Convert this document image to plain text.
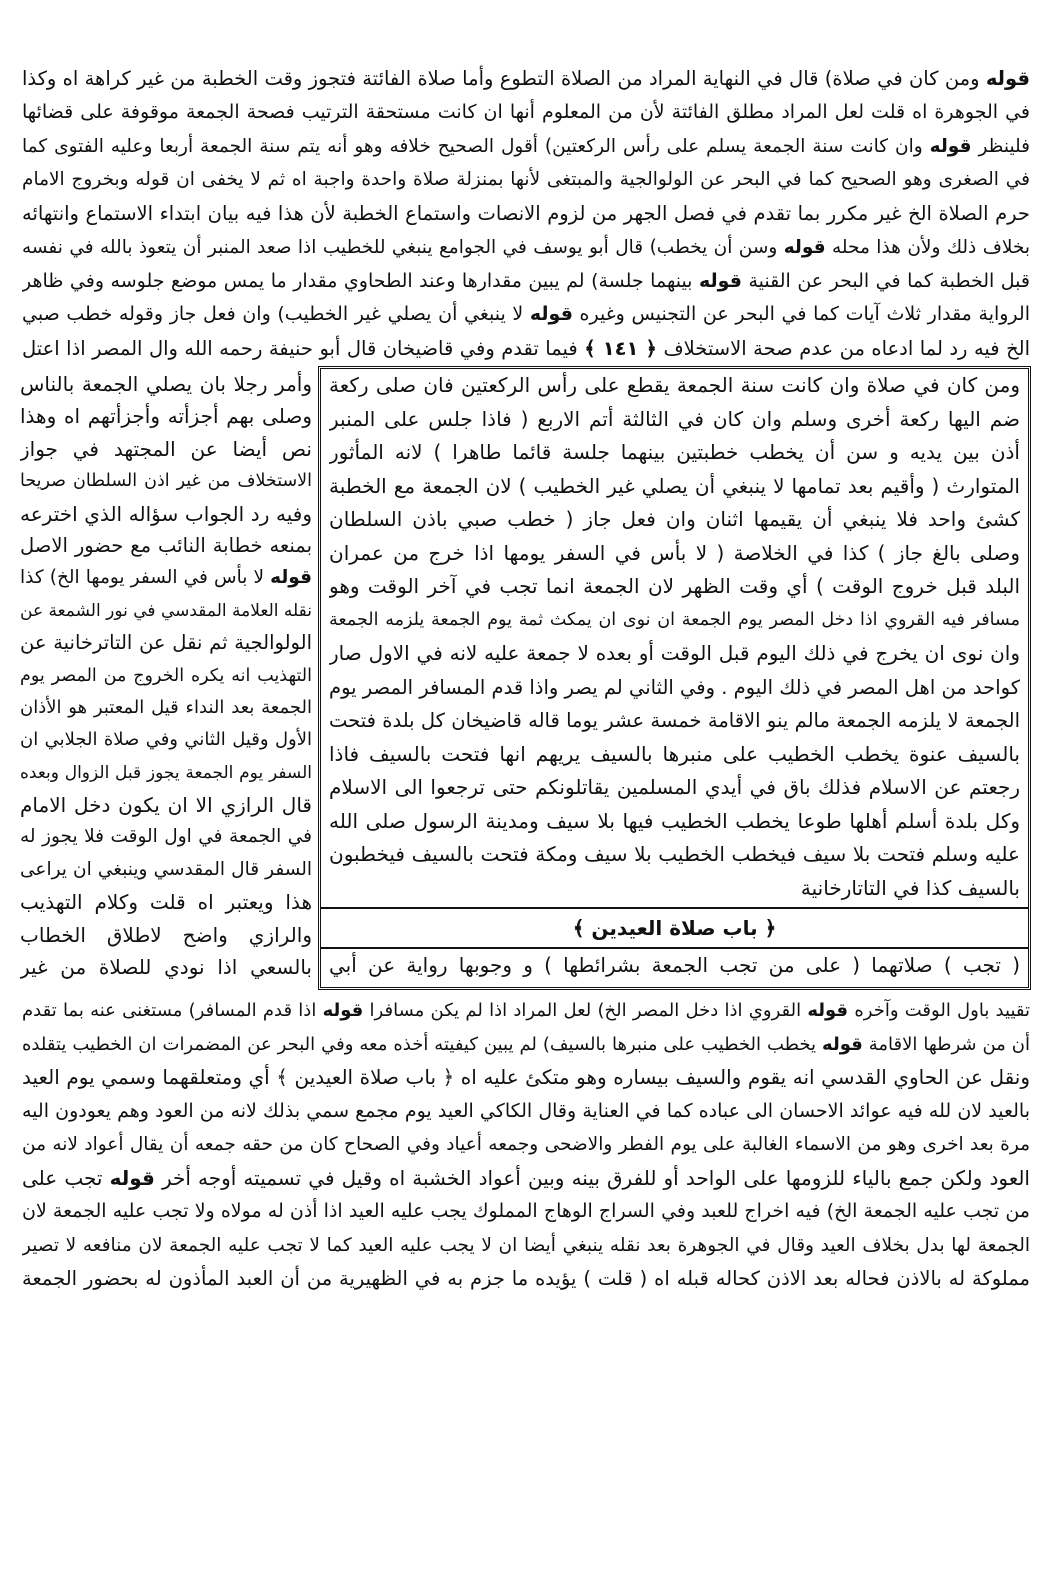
قوله ومن كان في صلاة) قال في النهاية المراد من الصلاة التطوع وأما صلاة الفائتة فتجوز وقت الخطبة من غير كراهة اه وكذا
في الجوهرة اه قلت لعل المراد مطلق الفائتة لأن من المعلوم أنها ان كانت مستحقة الترتيب فصحة الجمعة موقوفة على قضائها
فلينظر قوله وان كانت سنة الجمعة يسلم على رأس الركعتين) أقول الصحيح خلافه وهو أنه يتم سنة الجمعة أربعا وعليه الفتوى كما
في الصغرى وهو الصحيح كما في البحر عن الولوالجية والمبتغى لأنها بمنزلة صلاة واحدة واجبة اه ثم لا يخفى ان قوله وبخروج الامام
حرم الصلاة الخ غير مكرر بما تقدم في فصل الجهر من لزوم الانصات واستماع الخطبة لأن هذا فيه بيان ابتداء الاستماع وانتهائه
بخلاف ذلك ولأن هذا محله قوله وسن أن يخطب) قال أبو يوسف في الجوامع ينبغي للخطيب اذا صعد المنبر أن يتعوذ بالله في نفسه
قبل الخطبة كما في البحر عن القنية قوله بينهما جلسة) لم يبين مقدارها وعند الطحاوي مقدار ما يمس موضع جلوسه وفي ظاهر
الرواية مقدار ثلاث آيات كما في البحر عن التجنيس وغيره قوله لا ينبغي أن يصلي غير الخطيب) وان فعل جاز وقوله خطب صبي
الخ فيه رد لما ادعاه من عدم صحة الاستخلاف ﴿ ١٤١ ﴾ فيما تقدم وفي قاضيخان قال أبو حنيفة رحمه الله وال المصر اذا اعتل
ومن كان في صلاة وان كانت سنة الجمعة يقطع على رأس الركعتين فان صلى ركعة
ضم اليها ركعة أخرى وسلم وان كان في الثالثة أتم الاربع ( فاذا جلس على المنبر
أذن بين يديه و سن أن يخطب خطبتين بينهما جلسة قائما طاهرا ) لانه المأثور
المتوارث ( وأقيم بعد تمامها لا ينبغي أن يصلي غير الخطيب ) لان الجمعة مع الخطبة
كشئ واحد فلا ينبغي أن يقيمها اثنان وان فعل جاز ( خطب صبي باذن السلطان
وصلى بالغ جاز ) كذا في الخلاصة ( لا بأس في السفر يومها اذا خرج من عمران
البلد قبل خروج الوقت ) أي وقت الظهر لان الجمعة انما تجب في آخر الوقت وهو
مسافر فيه القروي اذا دخل المصر يوم الجمعة ان نوى ان يمكث ثمة يوم الجمعة يلزمه الجمعة
وان نوى ان يخرج في ذلك اليوم قبل الوقت أو بعده لا جمعة عليه لانه في الاول صار
كواحد من اهل المصر في ذلك اليوم . وفي الثاني لم يصر واذا قدم المسافر المصر يوم
الجمعة لا يلزمه الجمعة مالم ينو الاقامة خمسة عشر يوما قاله قاضيخان كل بلدة فتحت
بالسيف عنوة يخطب الخطيب على منبرها بالسيف يريهم انها فتحت بالسيف فاذا
رجعتم عن الاسلام فذلك باق في أيدي المسلمين يقاتلونكم حتى ترجعوا الى الاسلام
وكل بلدة أسلم أهلها طوعا يخطب الخطيب فيها بلا سيف ومدينة الرسول صلى الله
عليه وسلم فتحت بلا سيف فيخطب الخطيب بلا سيف ومكة فتحت بالسيف فيخطبون
بالسيف كذا في التاتارخانية
﴿ باب صلاة العيدين ﴾
( تجب ) صلاتهما ( على من تجب الجمعة بشرائطها ) و وجوبها رواية عن أبي
وأمر رجلا بان يصلي الجمعة بالناس
وصلى بهم أجزأته وأجزأتهم اه وهذا
نص أيضا عن المجتهد في جواز
الاستخلاف من غير اذن السلطان صريحا
وفيه رد الجواب سؤاله الذي اخترعه
بمنعه خطابة النائب مع حضور الاصل
قوله لا بأس في السفر يومها الخ) كذا
نقله العلامة المقدسي في نور الشمعة عن
الولوالجية ثم نقل عن التاترخانية عن
التهذيب انه يكره الخروج من المصر يوم
الجمعة بعد النداء قيل المعتبر هو الأذان
الأول وقيل الثاني وفي صلاة الجلابي ان
السفر يوم الجمعة يجوز قبل الزوال وبعده
قال الرازي الا ان يكون دخل الامام
في الجمعة في اول الوقت فلا يجوز له
السفر قال المقدسي وينبغي ان يراعى
هذا ويعتبر اه قلت وكلام التهذيب
والرازي واضح لاطلاق الخطاب
بالسعي اذا نودي للصلاة من غير
تقييد باول الوقت وآخره قوله القروي اذا دخل المصر الخ) لعل المراد اذا لم يكن مسافرا قوله اذا قدم المسافر) مستغنى عنه بما تقدم
أن من شرطها الاقامة قوله يخطب الخطيب على منبرها بالسيف) لم يبين كيفيته أخذه معه وفي البحر عن المضمرات ان الخطيب يتقلده
ونقل عن الحاوي القدسي انه يقوم والسيف بيساره وهو متكئ عليه اه ﴿ باب صلاة العيدين ﴾ أي ومتعلقهما وسمي يوم العيد
بالعيد لان لله فيه عوائد الاحسان الى عباده كما في العناية وقال الكاكي العيد يوم مجمع سمي بذلك لانه من العود وهم يعودون اليه
مرة بعد اخرى وهو من الاسماء الغالبة على يوم الفطر والاضحى وجمعه أعياد وفي الصحاح كان من حقه جمعه أن يقال أعواد لانه من
العود ولكن جمع بالياء للزومها على الواحد أو للفرق بينه وبين أعواد الخشبة اه وقيل في تسميته أوجه أخر قوله تجب على
من تجب عليه الجمعة الخ) فيه اخراج للعبد وفي السراج الوهاج المملوك يجب عليه العيد اذا أذن له مولاه ولا تجب عليه الجمعة لان
الجمعة لها بدل بخلاف العيد وقال في الجوهرة بعد نقله ينبغي أيضا ان لا يجب عليه العيد كما لا تجب عليه الجمعة لان منافعه لا تصير
مملوكة له بالاذن فحاله بعد الاذن كحاله قبله اه ( قلت ) يؤيده ما جزم به في الظهيرية من أن العبد المأذون له بحضور الجمعة
